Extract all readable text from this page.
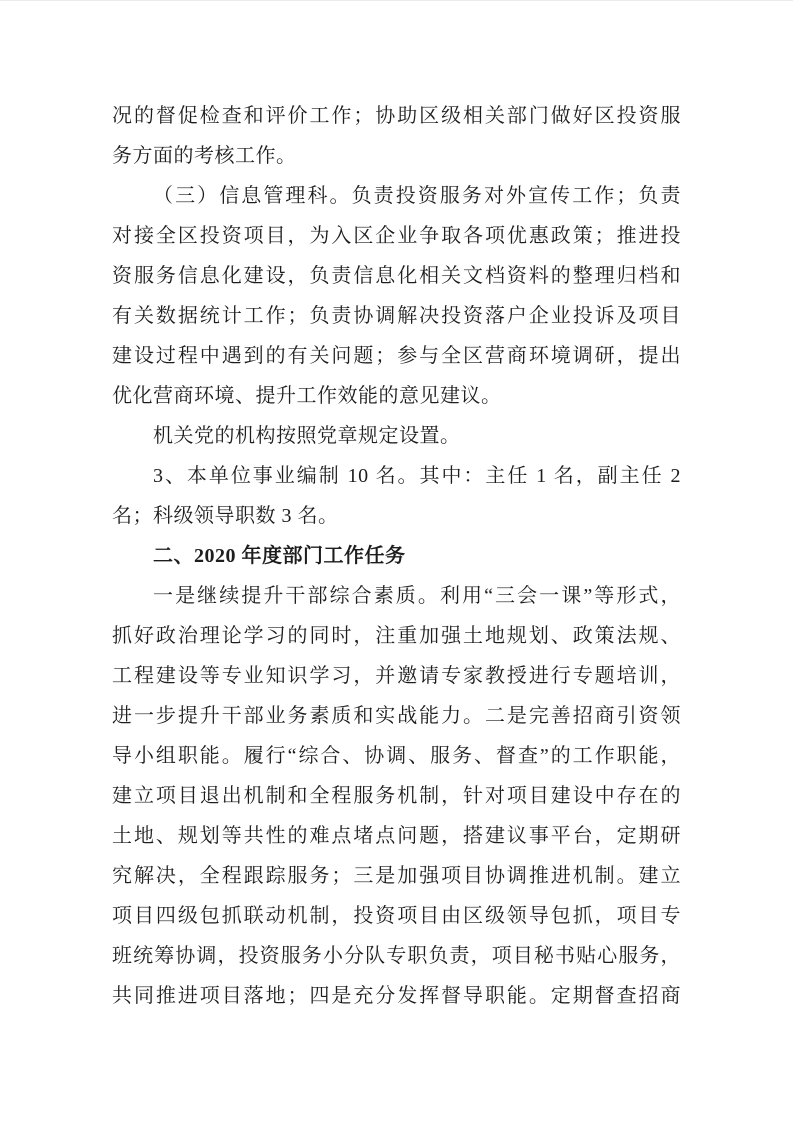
况的督促检查和评价工作；协助区级相关部门做好区投资服
务方面的考核工作。
（三）信息管理科。负责投资服务对外宣传工作；负责
对接全区投资项目，为入区企业争取各项优惠政策；推进投
资服务信息化建设，负责信息化相关文档资料的整理归档和
有关数据统计工作；负责协调解决投资落户企业投诉及项目
建设过程中遇到的有关问题；参与全区营商环境调研，提出
优化营商环境、提升工作效能的意见建议。
机关党的机构按照党章规定设置。
3、本单位事业编制 10 名。其中：主任 1 名，副主任 2
名；科级领导职数 3 名。
二、2020 年度部门工作任务
一是继续提升干部综合素质。利用“三会一课”等形式，
抓好政治理论学习的同时，注重加强土地规划、政策法规、
工程建设等专业知识学习，并邀请专家教授进行专题培训，
进一步提升干部业务素质和实战能力。二是完善招商引资领
导小组职能。履行“综合、协调、服务、督查”的工作职能，
建立项目退出机制和全程服务机制，针对项目建设中存在的
土地、规划等共性的难点堵点问题，搭建议事平台，定期研
究解决，全程跟踪服务；三是加强项目协调推进机制。建立
项目四级包抓联动机制，投资项目由区级领导包抓，项目专
班统筹协调，投资服务小分队专职负责，项目秘书贴心服务，
共同推进项目落地；四是充分发挥督导职能。定期督查招商
